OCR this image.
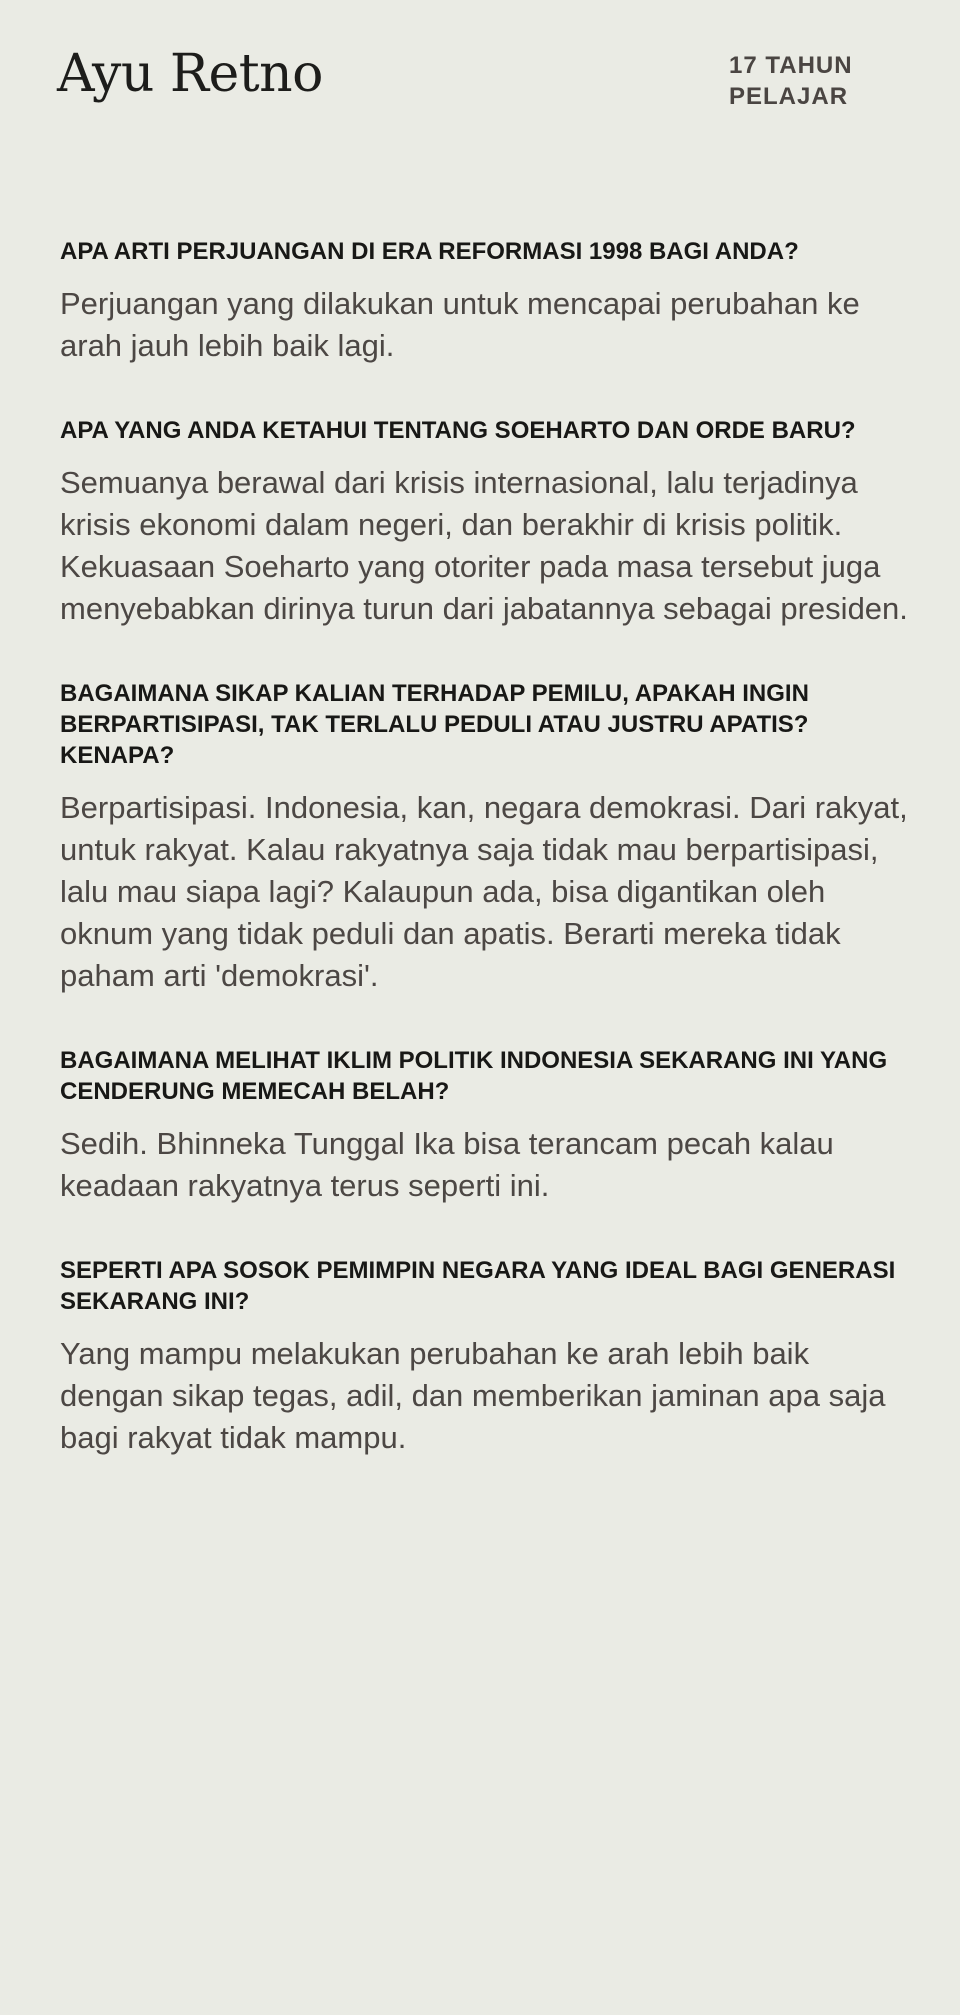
Ayu Retno	17 TAHUN
PELAJAR
APA ARTI PERJUANGAN DI ERA REFORMASI 1998 BAGI ANDA?

Perjuangan yang dilakukan untuk mencapai perubahan ke arah jauh lebih baik lagi.

APA YANG ANDA KETAHUI TENTANG SOEHARTO DAN ORDE BARU?

Semuanya berawal dari krisis internasional, lalu terjadinya krisis ekonomi dalam negeri, dan berakhir di krisis politik. Kekuasaan Soeharto yang otoriter pada masa tersebut juga menyebabkan dirinya turun dari jabatannya sebagai presiden.

BAGAIMANA SIKAP KALIAN TERHADAP PEMILU, APAKAH INGIN BERPARTISIPASI, TAK TERLALU PEDULI ATAU JUSTRU APATIS? KENAPA?

Berpartisipasi. Indonesia, kan, negara demokrasi. Dari rakyat, untuk rakyat. Kalau rakyatnya saja tidak mau berpartisipasi, lalu mau siapa lagi? Kalaupun ada, bisa digantikan oleh oknum yang tidak peduli dan apatis. Berarti mereka tidak paham arti 'demokrasi'.

BAGAIMANA MELIHAT IKLIM POLITIK INDONESIA SEKARANG INI YANG CENDERUNG MEMECAH BELAH?

Sedih. Bhinneka Tunggal Ika bisa terancam pecah kalau keadaan rakyatnya terus seperti ini.

SEPERTI APA SOSOK PEMIMPIN NEGARA YANG IDEAL BAGI GENERASI SEKARANG INI?

Yang mampu melakukan perubahan ke arah lebih baik dengan sikap tegas, adil, dan memberikan jaminan apa saja bagi rakyat tidak mampu.
